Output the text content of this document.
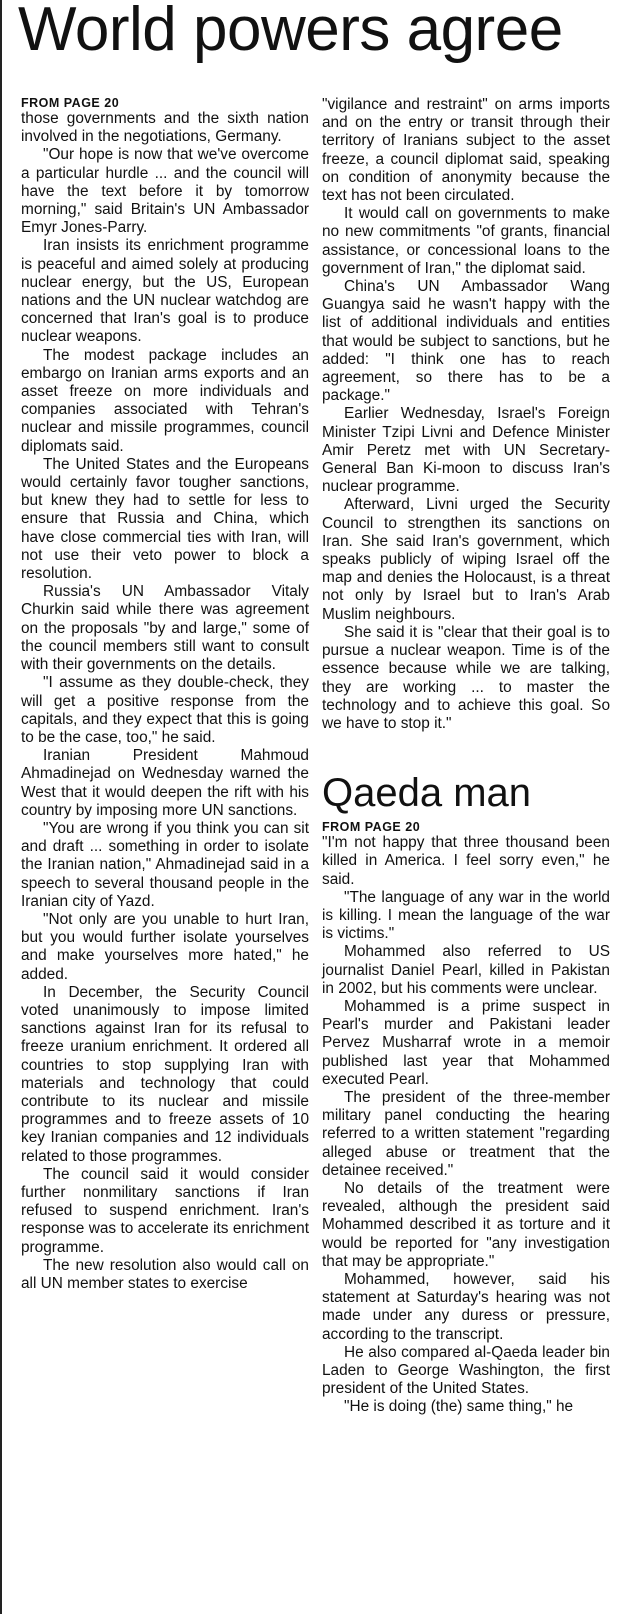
World powers agree

FROM PAGE 20

those governments and the sixth nation involved in the negotiations, Germany.

"Our hope is now that we've overcome a particular hurdle ... and the council will have the text before it by tomorrow morning," said Britain's UN Ambassador Emyr Jones-Parry.

Iran insists its enrichment programme is peaceful and aimed solely at producing nuclear energy, but the US, European nations and the UN nuclear watchdog are concerned that Iran's goal is to produce nuclear weapons.

The modest package includes an embargo on Iranian arms exports and an asset freeze on more individuals and companies associated with Tehran's nuclear and missile programmes, council diplomats said.

The United States and the Europeans would certainly favor tougher sanctions, but knew they had to settle for less to ensure that Russia and China, which have close commercial ties with Iran, will not use their veto power to block a resolution.

Russia's UN Ambassador Vitaly Churkin said while there was agreement on the proposals "by and large," some of the council members still want to consult with their governments on the details.

"I assume as they double-check, they will get a positive response from the capitals, and they expect that this is going to be the case, too," he said.

Iranian President Mahmoud Ahmadinejad on Wednesday warned the West that it would deepen the rift with his country by imposing more UN sanctions.

"You are wrong if you think you can sit and draft ... something in order to isolate the Iranian nation," Ahmadinejad said in a speech to several thousand people in the Iranian city of Yazd.

"Not only are you unable to hurt Iran, but you would further isolate yourselves and make yourselves more hated," he added.

In December, the Security Council voted unanimously to impose limited sanctions against Iran for its refusal to freeze uranium enrichment. It ordered all countries to stop supplying Iran with materials and technology that could contribute to its nuclear and missile programmes and to freeze assets of 10 key Iranian companies and 12 individuals related to those programmes.

The council said it would consider further nonmilitary sanctions if Iran refused to suspend enrichment. Iran's response was to accelerate its enrichment programme.

The new resolution also would call on all UN member states to exercise

"vigilance and restraint" on arms imports and on the entry or transit through their territory of Iranians subject to the asset freeze, a council diplomat said, speaking on condition of anonymity because the text has not been circulated.

It would call on governments to make no new commitments "of grants, financial assistance, or concessional loans to the government of Iran," the diplomat said.

China's UN Ambassador Wang Guangya said he wasn't happy with the list of additional individuals and entities that would be subject to sanctions, but he added: "I think one has to reach agreement, so there has to be a package."

Earlier Wednesday, Israel's Foreign Minister Tzipi Livni and Defence Minister Amir Peretz met with UN Secretary-General Ban Ki-moon to discuss Iran's nuclear programme.

Afterward, Livni urged the Security Council to strengthen its sanctions on Iran. She said Iran's government, which speaks publicly of wiping Israel off the map and denies the Holocaust, is a threat not only by Israel but to Iran's Arab Muslim neighbours.

She said it is "clear that their goal is to pursue a nuclear weapon. Time is of the essence because while we are talking, they are working ... to master the technology and to achieve this goal. So we have to stop it."

Qaeda man

FROM PAGE 20

"I'm not happy that three thousand been killed in America. I feel sorry even," he said.

"The language of any war in the world is killing. I mean the language of the war is victims."

Mohammed also referred to US journalist Daniel Pearl, killed in Pakistan in 2002, but his comments were unclear.

Mohammed is a prime suspect in Pearl's murder and Pakistani leader Pervez Musharraf wrote in a memoir published last year that Mohammed executed Pearl.

The president of the three-member military panel conducting the hearing referred to a written statement "regarding alleged abuse or treatment that the detainee received."

No details of the treatment were revealed, although the president said Mohammed described it as torture and it would be reported for "any investigation that may be appropriate."

Mohammed, however, said his statement at Saturday's hearing was not made under any duress or pressure, according to the transcript.

He also compared al-Qaeda leader bin Laden to George Washington, the first president of the United States.

"He is doing (the) same thing," he
